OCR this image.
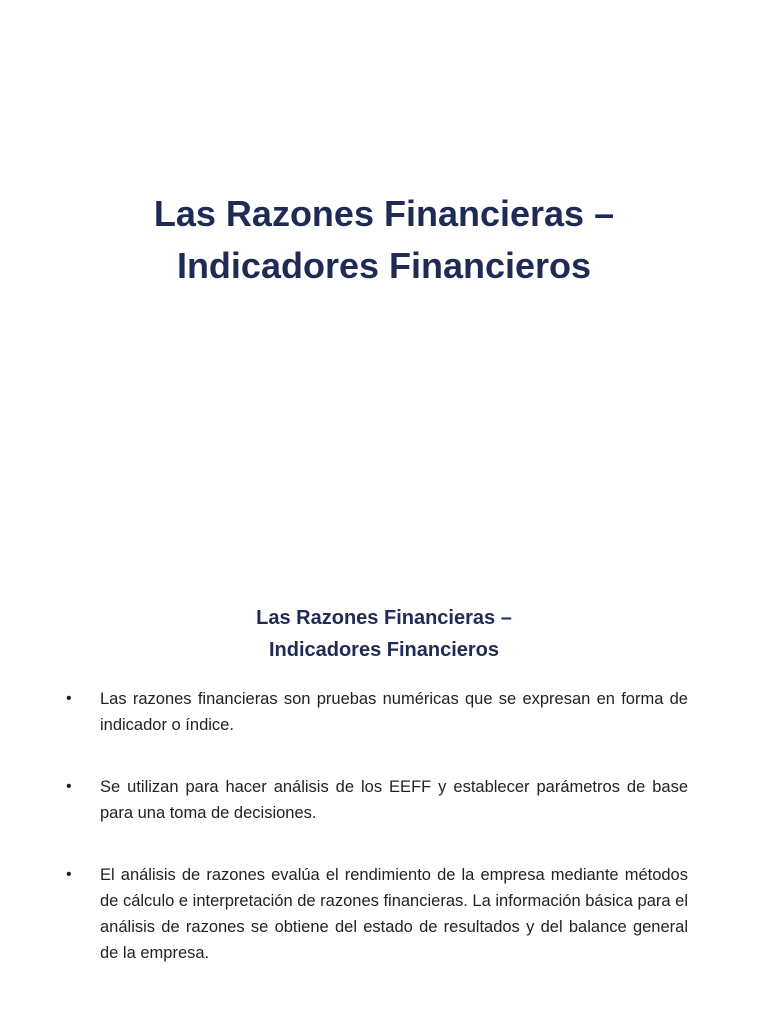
Las Razones Financieras –
Indicadores Financieros
Las Razones Financieras –
Indicadores Financieros
• Las razones financieras son pruebas numéricas que se expresan en forma de indicador o índice.
• Se utilizan para hacer análisis de los EEFF y establecer parámetros de base para una toma de decisiones.
• El análisis de razones evalúa el rendimiento de la empresa mediante métodos de cálculo e interpretación de razones financieras. La información básica para el análisis de razones se obtiene del estado de resultados y del balance general de la empresa.
